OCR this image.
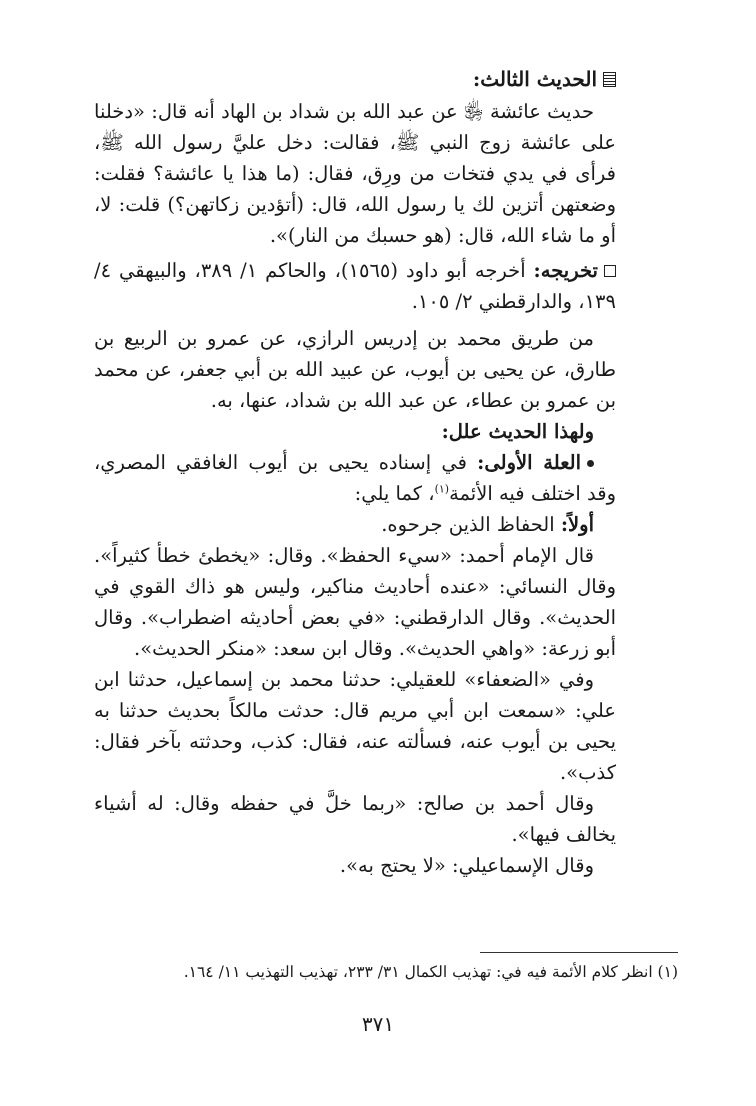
الحديث الثالث:

حديث عائشة ﵂ عن عبد الله بن شداد بن الهاد أنه قال: «دخلنا على عائشة زوج النبي ﷺ، فقالت: دخل عليَّ رسول الله ﷺ، فرأى في يدي فتخات من ورِق، فقال: (ما هذا يا عائشة؟ فقلت: وضعتهن أتزين لك يا رسول الله، قال: (أتؤدين زكاتهن؟) قلت: لا، أو ما شاء الله، قال: (هو حسبك من النار)».

تخريجه: أخرجه أبو داود (١٥٦٥)، والحاكم ١/ ٣٨٩، والبيهقي ٤/ ١٣٩، والدارقطني ٢/ ١٠٥.

من طريق محمد بن إدريس الرازي، عن عمرو بن الربيع بن طارق، عن يحيى بن أيوب، عن عبيد الله بن أبي جعفر، عن محمد بن عمرو بن عطاء، عن عبد الله بن شداد، عنها، به.

ولهذا الحديث علل:

العلة الأولى: في إسناده يحيى بن أيوب الغافقي المصري، وقد اختلف فيه الأئمة$^{(١)}$، كما يلي:

أولاً: الحفاظ الذين جرحوه.

قال الإمام أحمد: «سيء الحفظ». وقال: «يخطئ خطأ كثيراً». وقال النسائي: «عنده أحاديث مناكير، وليس هو ذاك القوي في الحديث». وقال الدارقطني: «في بعض أحاديثه اضطراب». وقال أبو زرعة: «واهي الحديث». وقال ابن سعد: «منكر الحديث».

وفي «الضعفاء» للعقيلي: حدثنا محمد بن إسماعيل، حدثنا ابن علي: «سمعت ابن أبي مريم قال: حدثت مالكاً بحديث حدثنا به يحيى بن أيوب عنه، فسألته عنه، فقال: كذب، وحدثته بآخر فقال: كذب».

وقال أحمد بن صالح: «ربما خلَّ في حفظه وقال: له أشياء يخالف فيها».

وقال الإسماعيلي: «لا يحتج به».

(١) انظر كلام الأئمة فيه في: تهذيب الكمال ٣١/ ٢٣٣، تهذيب التهذيب ١١/ ١٦٤.
٣٧١
